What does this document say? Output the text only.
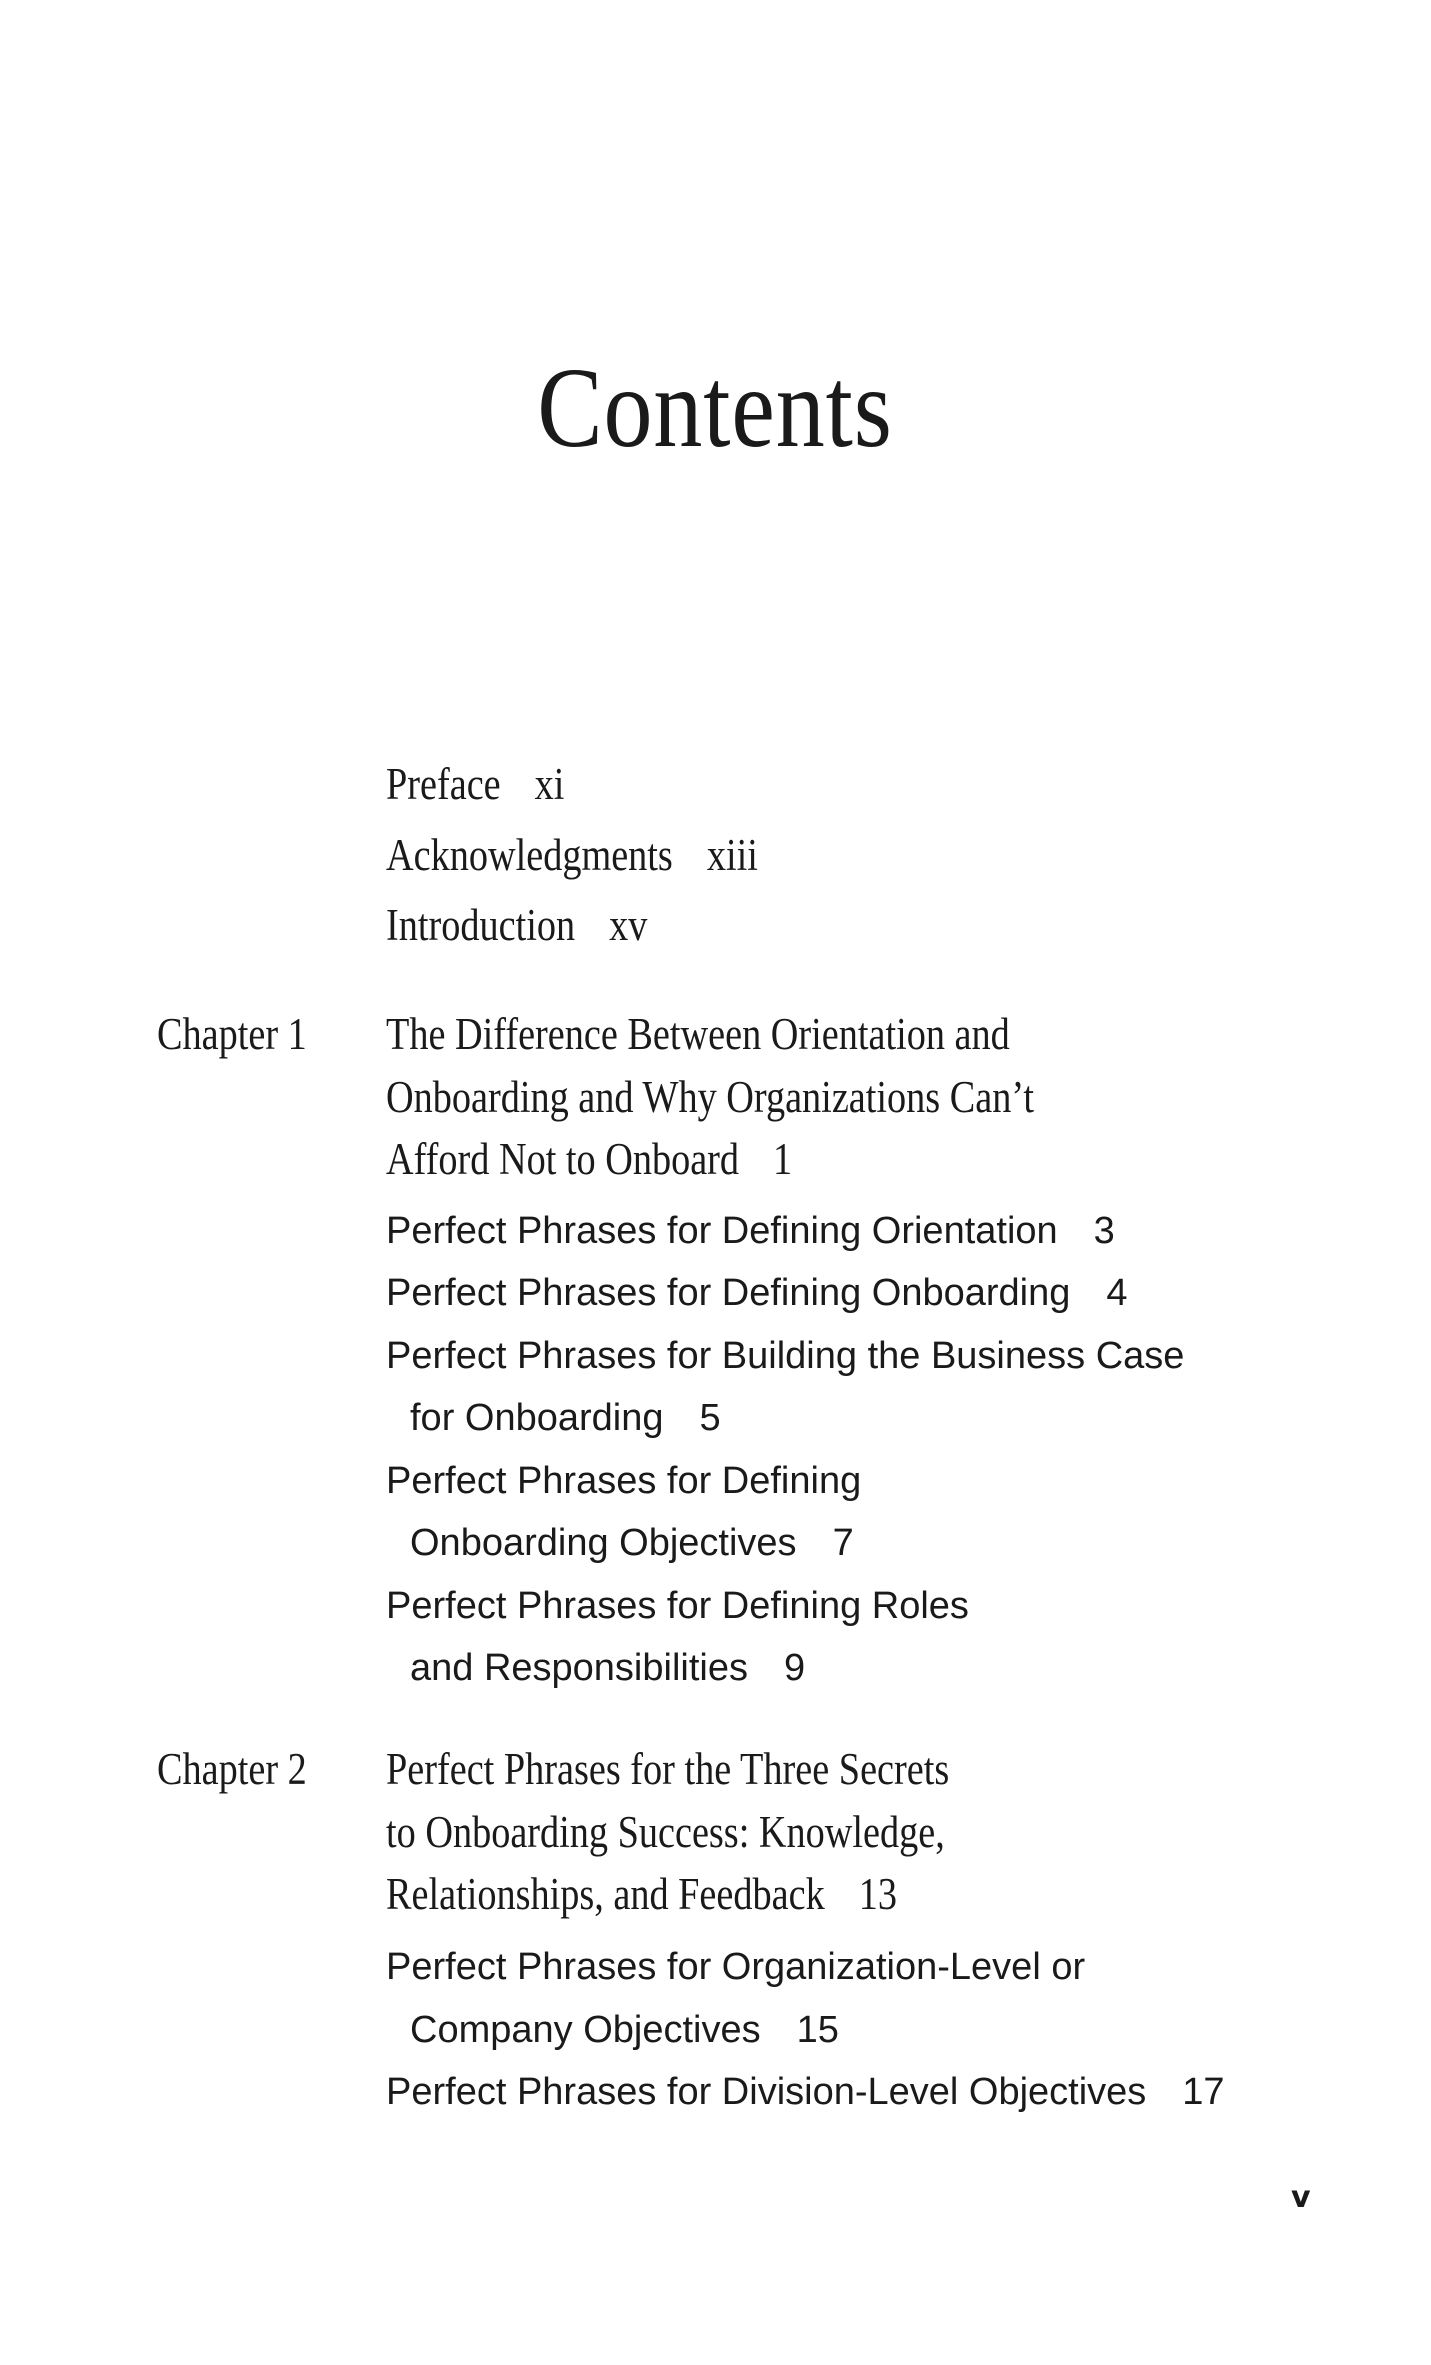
Contents
Preface xi
Acknowledgments xiii
Introduction xv
Chapter 1 The Difference Between Orientation and
Onboarding and Why Organizations Can’t
Afford Not to Onboard 1
Perfect Phrases for Defining Orientation 3
Perfect Phrases for Defining Onboarding 4
Perfect Phrases for Building the Business Case
for Onboarding 5
Perfect Phrases for Defining
Onboarding Objectives 7
Perfect Phrases for Defining Roles
and Responsibilities 9
Chapter 2 Perfect Phrases for the Three Secrets
to Onboarding Success: Knowledge,
Relationships, and Feedback 13
Perfect Phrases for Organization-Level or
Company Objectives 15
Perfect Phrases for Division-Level Objectives 17
v
